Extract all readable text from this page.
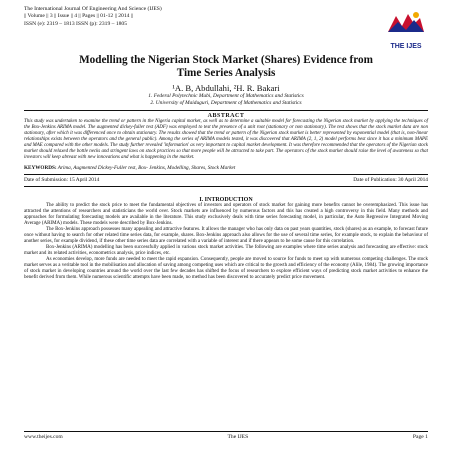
The International Journal Of Engineering And Science (IJES)
|| Volume || 3 || Issue || 4 || Pages || 01-12 || 2014 ||
ISSN (e): 2319 – 1813 ISSN (p): 2319 – 1805
THE IJES
Modelling the Nigerian Stock Market (Shares) Evidence from
Time Series Analysis
¹A. B, Abdullahi, ²H. R. Bakari
1. Federal Polytechnic Mubi, Department of Mathematics and Statistics
2. University of Maiduguri, Department of Mathematics and Statistics
ABSTRACT
This study was undertaken to examine the trend or pattern in the Nigeria capital market, as well as to determine a suitable model for forecasting the Nigerian stock market by applying the techniques of the Box-Jenkins ARIMA model. The augmented dickey-fuller test (ADF) was employed to test the presence of a unit root (stationary or non stationary). The test shows that the stock market data are non stationary, after which it was differenced once to obtain stationary. The results showed that the trend or pattern of the Nigerian stock market is better represented by exponential model (that is, non-linear relationships exists between the operators and the general public). Among the series of ARIMA models tested, it was discovered that ARIMA (2, 1, 2) model performs best since it has a minimum MAPE and MAE compared with the other models. The study further revealed 'information' as very important to capital market development. It was therefore recommended that the operators of the Nigerian stock market should relaxed the bottle necks and stringent laws on stock practices so that more people will be attracted to take part. The operators of the stock market should raise the level of awareness so that investors will keep abreast with new innovations and what is happening in the market.
KEYWORDS: Arima, Augmented Dickey-Fuller test, Box- Jenkins, Modelling, Shares, Stock Market
Date of Submission: 15 April 2014	Date of Publication: 30 April 2014
I. INTRODUCTION
The ability to predict the stock price to meet the fundamental objectives of investors and operators of stock market for gaining more benefits cannot be overemphasized. This issue has attracted the attentions of researchers and statisticians the world over. Stock markets are influenced by numerous factors and this has created a high controversy in this field. Many methods and approaches for formulating forecasting models are available in the literature. This study exclusively deals with time series forecasting model, in particular, the Auto Regressive Integrated Moving Average (ARIMA) models. These models were described by Box-Jenkins.
The Box-Jenkins approach possesses many appealing and attractive features. It allows the manager who has only data on past years quantities, stock (shares) as an example, to forecast future once without having to search for other related time series data, for example, shares. Box-Jenkins approach also allows for the use of several time series, for example stock, to explain the behaviour of another series, for example dividend, if these other time series data are correlated with a variable of interest and if there appears to be some cause for this correlation.
Box-Jenkins (ARIMA) modelling has been successfully applied in various stock market activities. The following are examples where time series analysis and forecasting are effective: stock market and its related activities, econometrics analysis, price indices, etc.
As economies develop, more funds are needed to meet the rapid expansion. Consequently, people are moved to source for funds to meet up with numerous competing challenges. The stock market serves as a veritable tool in the mobilisation and allocation of saving among competing uses which are critical to the growth and efficiency of the economy (Alile, 1984). The growing importance of stock market in developing countries around the world over the last few decades has shifted the focus of researchers to explore efficient ways of predicting stock market activities to enhance the benefit derived from them. While numerous scientific attempts have been made, no method has been discovered to accurately predict price movement.
www.theijes.com	The IJES	Page 1
